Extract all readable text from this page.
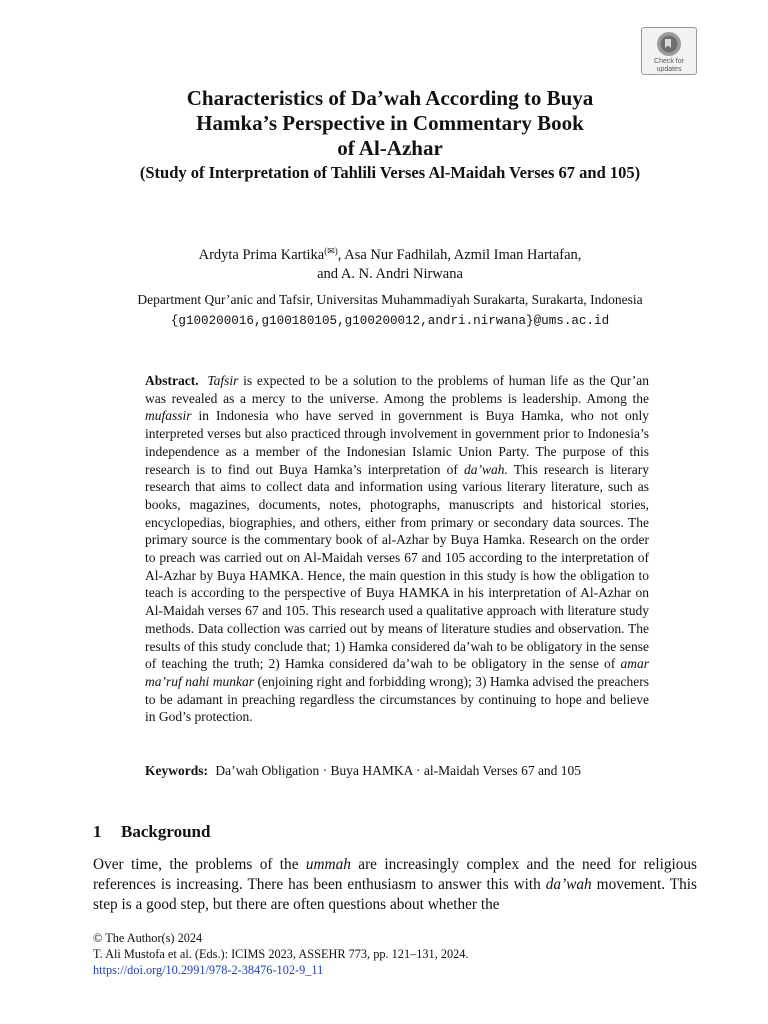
Check for
updates
Characteristics of Da’wah According to Buya
Hamka’s Perspective in Commentary Book
of Al-Azhar
(Study of Interpretation of Tahlili Verses Al-Maidah Verses 67 and 105)
Ardyta Prima Kartika(✉), Asa Nur Fadhilah, Azmil Iman Hartafan,
and A. N. Andri Nirwana
Department Qur’anic and Tafsir, Universitas Muhammadiyah Surakarta, Surakarta, Indonesia
{g100200016,g100180105,g100200012,andri.nirwana}@ums.ac.id
Abstract. Tafsir is expected to be a solution to the problems of human life as the Qur’an was revealed as a mercy to the universe. Among the problems is leadership. Among the mufassir in Indonesia who have served in government is Buya Hamka, who not only interpreted verses but also practiced through involvement in government prior to Indonesia’s independence as a member of the Indonesian Islamic Union Party. The purpose of this research is to find out Buya Hamka’s interpretation of da’wah. This research is literary research that aims to collect data and information using various literary literature, such as books, magazines, documents, notes, photographs, manuscripts and historical stories, encyclopedias, biographies, and others, either from primary or secondary data sources. The primary source is the commentary book of al-Azhar by Buya Hamka. Research on the order to preach was carried out on Al-Maidah verses 67 and 105 according to the interpretation of Al-Azhar by Buya HAMKA. Hence, the main question in this study is how the obligation to teach is according to the perspective of Buya HAMKA in his interpretation of Al-Azhar on Al-Maidah verses 67 and 105. This research used a qualitative approach with literature study methods. Data collection was carried out by means of literature studies and observation. The results of this study conclude that; 1) Hamka considered da’wah to be obligatory in the sense of teaching the truth; 2) Hamka considered da’wah to be obligatory in the sense of amar ma’ruf nahi munkar (enjoining right and forbidding wrong); 3) Hamka advised the preachers to be adamant in preaching regardless the circumstances by continuing to hope and believe in God’s protection.
Keywords: Da’wah Obligation · Buya HAMKA · al-Maidah Verses 67 and 105
1 Background
Over time, the problems of the ummah are increasingly complex and the need for religious references is increasing. There has been enthusiasm to answer this with da’wah movement. This step is a good step, but there are often questions about whether the
© The Author(s) 2024
T. Ali Mustofa et al. (Eds.): ICIMS 2023, ASSEHR 773, pp. 121–131, 2024.
https://doi.org/10.2991/978-2-38476-102-9_11
